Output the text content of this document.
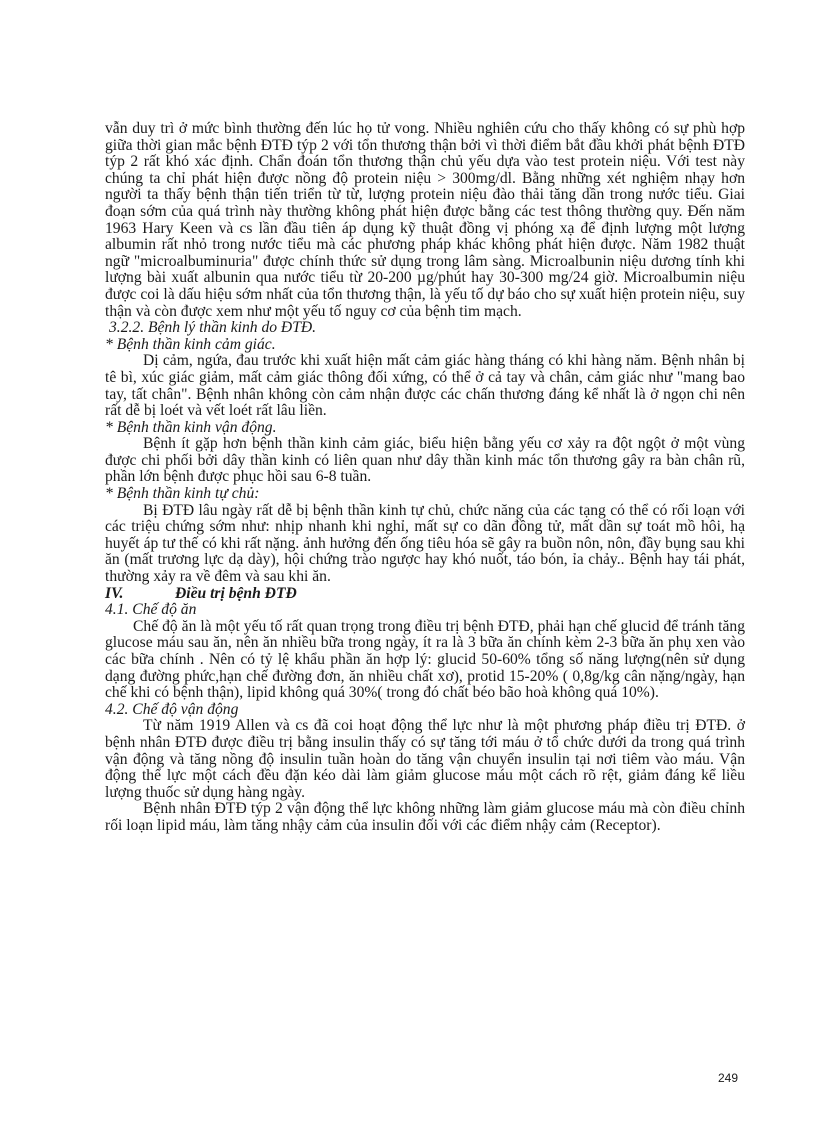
vẫn duy trì ở mức bình thường đến lúc họ tử vong. Nhiều nghiên cứu cho thấy không có sự phù hợp giữa thời gian mắc bệnh ĐTĐ týp 2 với tổn thương thận bởi vì thời điểm bắt đầu khởi phát bệnh ĐTĐ týp 2 rất khó xác định. Chẩn đoán tổn thương thận chủ yếu dựa vào test protein niệu. Với test này chúng ta chỉ phát hiện được nồng độ protein niệu > 300mg/dl. Bằng những xét nghiệm nhạy hơn người ta thấy bệnh thận tiến triển từ từ, lượng protein niệu đào thải tăng dần trong nước tiểu. Giai đoạn sớm của quá trình này thường không phát hiện được bằng các test thông thường quy. Đến năm 1963 Hary Keen và cs lần đầu tiên áp dụng kỹ thuật đồng vị phóng xạ để định lượng một lượng albumin rất nhỏ trong nước tiểu mà các phương pháp khác không phát hiện được. Năm 1982 thuật ngữ "microalbuminuria" được chính thức sử dụng trong lâm sàng. Microalbunin niệu dương tính khi lượng bài xuất albunin qua nước tiểu từ 20-200 µg/phút hay 30-300 mg/24 giờ. Microalbumin niệu được coi là dấu hiệu sớm nhất của tổn thương thận, là yếu tố dự báo cho sự xuất hiện protein niệu, suy thận và còn được xem như một yếu tố nguy cơ của bệnh tim mạch.

3.2.2. Bệnh lý thần kinh do ĐTĐ.

* Bệnh thần kinh cảm giác.

Dị cảm, ngứa, đau trước khi xuất hiện mất cảm giác hàng tháng có khi hàng năm. Bệnh nhân bị tê bì, xúc giác giảm, mất cảm giác thông đối xứng, có thể ở cả tay và chân, cảm giác như "mang bao tay, tất chân". Bệnh nhân không còn cảm nhận được các chấn thương đáng kể nhất là ở ngọn chi nên rất dễ bị loét và vết loét rất lâu liền.

* Bệnh thần kinh vận động.

Bệnh ít gặp hơn bệnh thần kinh cảm giác, biểu hiện bằng yếu cơ xảy ra đột ngột ở một vùng được chi phối bởi dây thần kinh có liên quan như dây thần kinh mác tổn thương gây ra bàn chân rũ, phần lớn bệnh được phục hồi sau 6-8 tuần.

* Bệnh thần kinh tự chủ:

Bị ĐTĐ lâu ngày rất dễ bị bệnh thần kinh tự chủ, chức năng của các tạng có thể có rối loạn với các triệu chứng sớm như: nhịp nhanh khi nghỉ, mất sự co dãn đồng tử, mất dần sự toát mồ hôi, hạ huyết áp tư thế có khi rất nặng. ảnh hưởng đến ống tiêu hóa sẽ gây ra buồn nôn, nôn, đầy bụng sau khi ăn (mất trương lực dạ dày), hội chứng trào ngược hay khó nuốt, táo bón, ỉa chảy.. Bệnh hay tái phát, thường xảy ra về đêm và sau khi ăn.

IV.	Điều trị bệnh ĐTĐ

4.1. Chế độ ăn

Chế độ ăn là một yếu tố rất quan trọng trong điều trị bệnh ĐTĐ, phải hạn chế glucid để tránh tăng glucose máu sau ăn, nên ăn nhiều bữa trong ngày, ít ra là 3 bữa ăn chính kèm 2-3 bữa ăn phụ xen vào các bữa chính . Nên có tỷ lệ khẩu phần ăn hợp lý: glucid 50-60% tổng số năng lượng(nên sử dụng dạng đường phức,hạn chế đường đơn, ăn nhiều chất xơ), protid 15-20% ( 0,8g/kg cân nặng/ngày, hạn chế khi có bệnh thận), lipid không quá 30%( trong đó chất béo bão hoà không quá 10%).

4.2. Chế độ vận động

Từ năm 1919 Allen và cs đã coi hoạt động thể lực như là một phương pháp điều trị ĐTĐ. ở bệnh nhân ĐTĐ được điều trị bằng insulin thấy có sự tăng tới máu ở tổ chức dưới da trong quá trình vận động và tăng nồng độ insulin tuần hoàn do tăng vận chuyển insulin tại nơi tiêm vào máu. Vận động thể lực một cách đều đặn kéo dài làm giảm glucose máu một cách rõ rệt, giảm đáng kể liều lượng thuốc sử dụng hàng ngày.

Bệnh nhân ĐTĐ týp 2 vận động thể lực không những làm giảm glucose máu mà còn điều chỉnh rối loạn lipid máu, làm tăng nhậy cảm của insulin đối với các điểm nhậy cảm (Receptor).

249
